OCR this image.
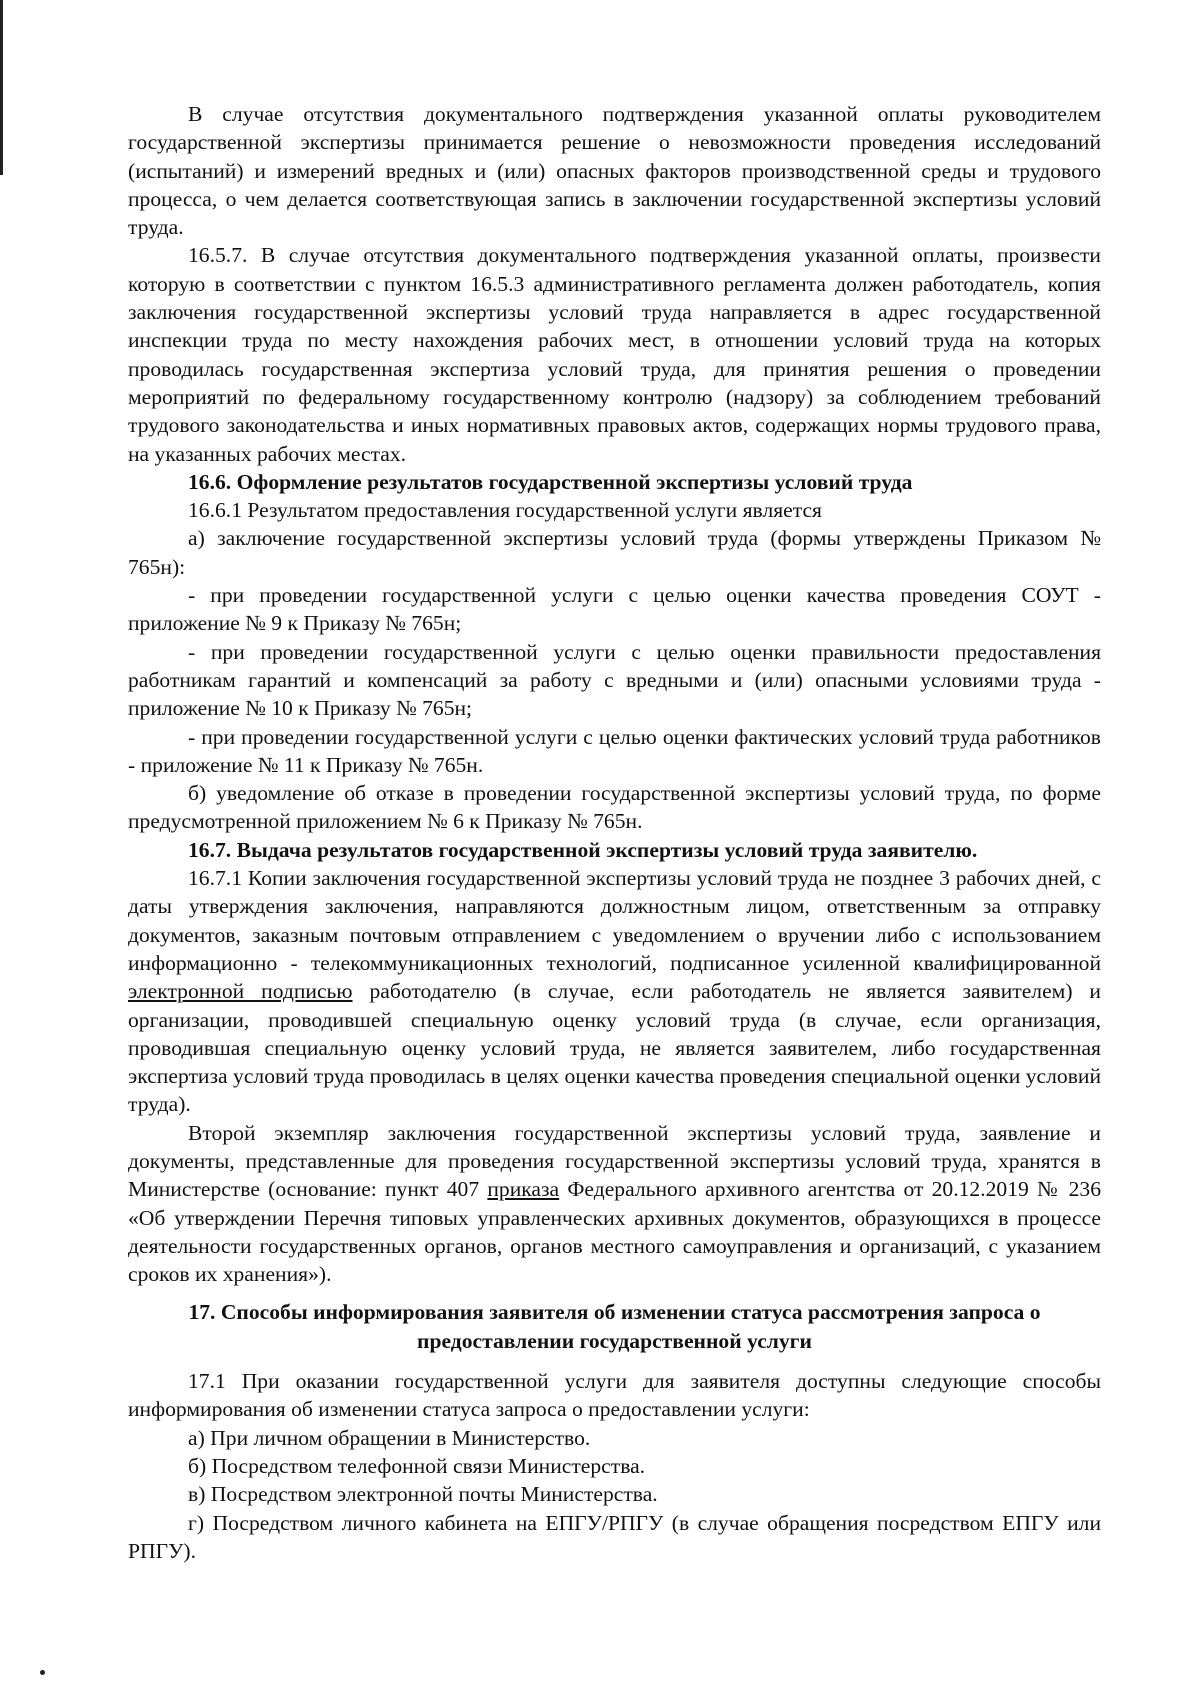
В случае отсутствия документального подтверждения указанной оплаты руководителем государственной экспертизы принимается решение о невозможности проведения исследований (испытаний) и измерений вредных и (или) опасных факторов производственной среды и трудового процесса, о чем делается соответствующая запись в заключении государственной экспертизы условий труда.

16.5.7. В случае отсутствия документального подтверждения указанной оплаты, произвести которую в соответствии с пунктом 16.5.3 административного регламента должен работодатель, копия заключения государственной экспертизы условий труда направляется в адрес государственной инспекции труда по месту нахождения рабочих мест, в отношении условий труда на которых проводилась государственная экспертиза условий труда, для принятия решения о проведении мероприятий по федеральному государственному контролю (надзору) за соблюдением требований трудового законодательства и иных нормативных правовых актов, содержащих нормы трудового права, на указанных рабочих местах.

16.6. Оформление результатов государственной экспертизы условий труда

16.6.1 Результатом предоставления государственной услуги является

а) заключение государственной экспертизы условий труда (формы утверждены Приказом № 765н):

- при проведении государственной услуги с целью оценки качества проведения СОУТ - приложение № 9 к Приказу № 765н;

- при проведении государственной услуги с целью оценки правильности предоставления работникам гарантий и компенсаций за работу с вредными и (или) опасными условиями труда - приложение № 10 к Приказу № 765н;

- при проведении государственной услуги с целью оценки фактических условий труда работников - приложение № 11 к Приказу № 765н.

б) уведомление об отказе в проведении государственной экспертизы условий труда, по форме предусмотренной приложением № 6 к Приказу № 765н.

16.7. Выдача результатов государственной экспертизы условий труда заявителю.

16.7.1 Копии заключения государственной экспертизы условий труда не позднее 3 рабочих дней, с даты утверждения заключения, направляются должностным лицом, ответственным за отправку документов, заказным почтовым отправлением с уведомлением о вручении либо с использованием информационно - телекоммуникационных технологий, подписанное усиленной квалифицированной электронной подписью работодателю (в случае, если работодатель не является заявителем) и организации, проводившей специальную оценку условий труда (в случае, если организация, проводившая специальную оценку условий труда, не является заявителем, либо государственная экспертиза условий труда проводилась в целях оценки качества проведения специальной оценки условий труда).

Второй экземпляр заключения государственной экспертизы условий труда, заявление и документы, представленные для проведения государственной экспертизы условий труда, хранятся в Министерстве (основание: пункт 407 приказа Федерального архивного агентства от 20.12.2019 № 236 «Об утверждении Перечня типовых управленческих архивных документов, образующихся в процессе деятельности государственных органов, органов местного самоуправления и организаций, с указанием сроков их хранения»).

17. Способы информирования заявителя об изменении статуса рассмотрения запроса о предоставлении государственной услуги

17.1 При оказании государственной услуги для заявителя доступны следующие способы информирования об изменении статуса запроса о предоставлении услуги:

а) При личном обращении в Министерство.

б) Посредством телефонной связи Министерства.

в) Посредством электронной почты Министерства.

г) Посредством личного кабинета на ЕПГУ/РПГУ (в случае обращения посредством ЕПГУ или РПГУ).
